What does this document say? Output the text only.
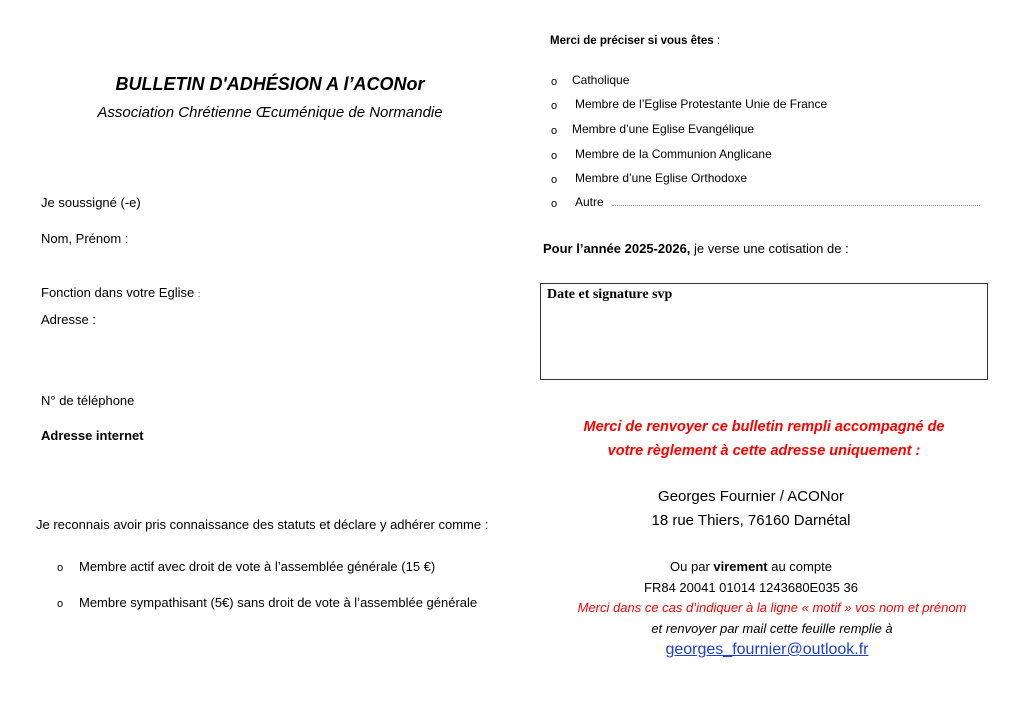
BULLETIN D'ADHÉSION A l’ACONor
Association Chrétienne Œcuménique de Normandie
Je soussigné (-e)
Nom, Prénom :
Fonction dans votre Eglise :
Adresse :
N° de téléphone
Adresse internet
Je reconnais avoir pris connaissance des statuts et déclare y adhérer comme :
o Membre actif avec droit de vote à l’assemblée générale (15 €)
o Membre sympathisant (5€) sans droit de vote à l’assemblée générale
Merci de préciser si vous êtes :
o Catholique
o Membre de l’Eglise Protestante Unie de France
o Membre d’une Eglise Evangélique
o Membre de la Communion Anglicane
o Membre d’une Eglise Orthodoxe
o Autre
Pour l’année 2025-2026, je verse une cotisation de :
Date et signature svp
Merci de renvoyer ce bulletin rempli accompagné de
votre règlement à cette adresse uniquement :
Georges Fournier / ACONor
18 rue Thiers, 76160 Darnétal
Ou par virement au compte
FR84 20041 01014 1243680E035 36
Merci dans ce cas d’indiquer à la ligne « motif » vos nom et prénom
et renvoyer par mail cette feuille remplie à
georges_fournier@outlook.fr
